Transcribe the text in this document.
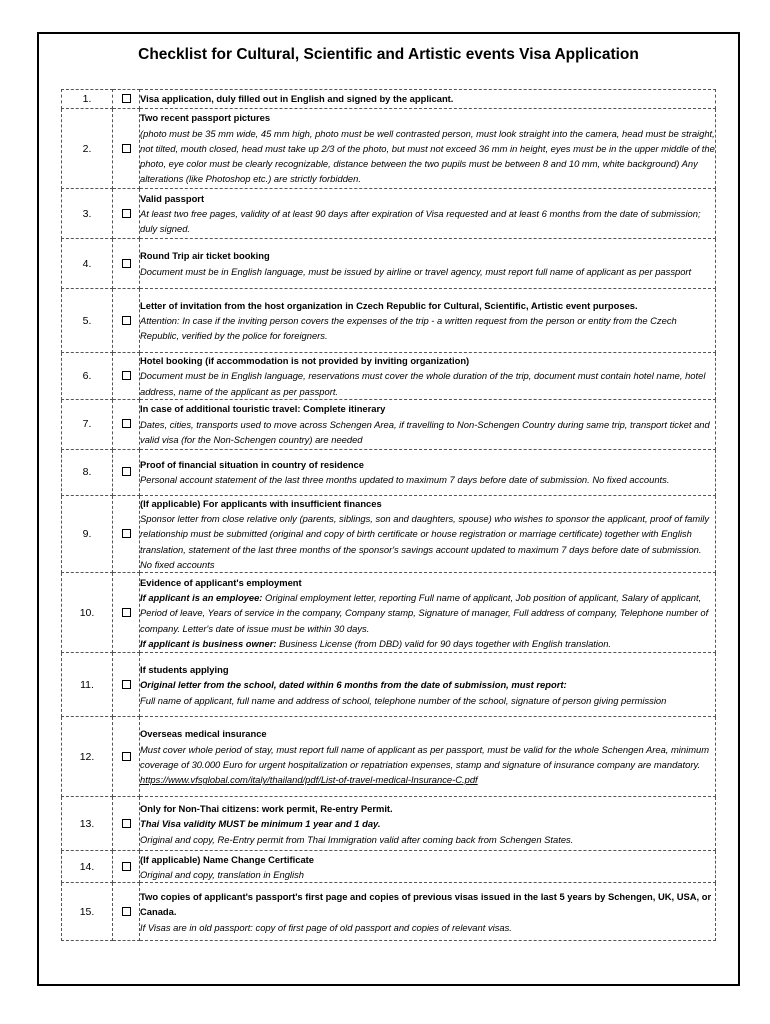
Checklist for Cultural, Scientific and Artistic events Visa Application
1.		Visa application, duly filled out in English and signed by the applicant.

2.		Two recent passport pictures
(photo must be 35 mm wide, 45 mm high, photo must be well contrasted person, must look straight into the camera, head must be straight, not tilted, mouth closed, head must take up 2/3 of the photo, but must not exceed 36 mm in height, eyes must be in the upper middle of the photo, eye color must be clearly recognizable, distance between the two pupils must be between 8 and 10 mm, white background) Any alterations (like Photoshop etc.) are strictly forbidden.

3.		Valid passport
At least two free pages, validity of at least 90 days after expiration of Visa requested and at least 6 months from the date of submission; duly signed.

4.		Round Trip air ticket booking
Document must be in English language, must be issued by airline or travel agency, must report full name of applicant as per passport

5.		Letter of invitation from the host organization in Czech Republic for Cultural, Scientific, Artistic event purposes.
Attention: In case if the inviting person covers the expenses of the trip - a written request from the person or entity from the Czech Republic, verified by the police for foreigners.

6.		Hotel booking (if accommodation is not provided by inviting organization)
Document must be in English language, reservations must cover the whole duration of the trip, document must contain hotel name, hotel address, name of the applicant as per passport.

7.		In case of additional touristic travel: Complete itinerary
Dates, cities, transports used to move across Schengen Area, if travelling to Non-Schengen Country during same trip, transport ticket and valid visa (for the Non-Schengen country) are needed

8.		Proof of financial situation in country of residence
Personal account statement of the last three months updated to maximum 7 days before date of submission. No fixed accounts.

9.		(If applicable) For applicants with insufficient finances
Sponsor letter from close relative only (parents, siblings, son and daughters, spouse) who wishes to sponsor the applicant, proof of family relationship must be submitted (original and copy of birth certificate or house registration or marriage certificate) together with English translation, statement of the last three months of the sponsor's savings account updated to maximum 7 days before date of submission. No fixed accounts

10.		Evidence of applicant's employment
If applicant is an employee: Original employment letter, reporting Full name of applicant, Job position of applicant, Salary of applicant, Period of leave, Years of service in the company, Company stamp, Signature of manager, Full address of company, Telephone number of company. Letter's date of issue must be within 30 days.
If applicant is business owner: Business License (from DBD) valid for 90 days together with English translation.

11.		If students applying
Original letter from the school, dated within 6 months from the date of submission, must report:
Full name of applicant, full name and address of school, telephone number of the school, signature of person giving permission

12.		Overseas medical insurance
Must cover whole period of stay, must report full name of applicant as per passport, must be valid for the whole Schengen Area, minimum coverage of 30.000 Euro for urgent hospitalization or repatriation expenses, stamp and signature of insurance company are mandatory.
https://www.vfsglobal.com/italy/thailand/pdf/List-of-travel-medical-Insurance-C.pdf

13.		Only for Non-Thai citizens: work permit, Re-entry Permit.
Thai Visa validity MUST be minimum 1 year and 1 day.
Original and copy, Re-Entry permit from Thai Immigration valid after coming back from Schengen States.

14.		(If applicable) Name Change Certificate
Original and copy, translation in English

15.		Two copies of applicant's passport's first page and copies of previous visas issued in the last 5 years by Schengen, UK, USA, or Canada.
If Visas are in old passport: copy of first page of old passport and copies of relevant visas.
